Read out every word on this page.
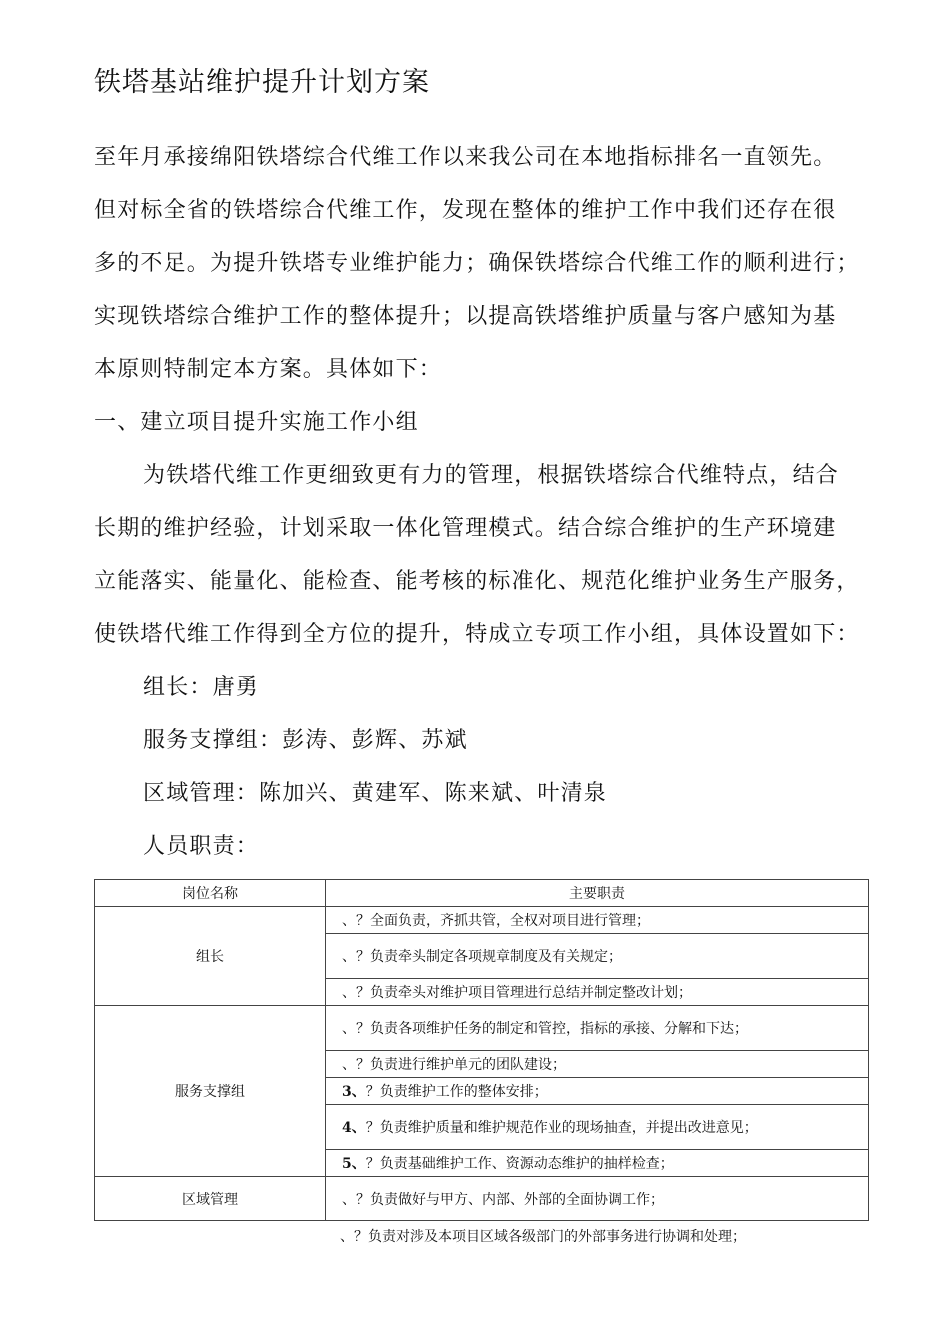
铁塔基站维护提升计划方案
至年月承接绵阳铁塔综合代维工作以来我公司在本地指标排名一直领先。
但对标全省的铁塔综合代维工作，发现在整体的维护工作中我们还存在很
多的不足。为提升铁塔专业维护能力；确保铁塔综合代维工作的顺利进行；
实现铁塔综合维护工作的整体提升；以提高铁塔维护质量与客户感知为基
本原则特制定本方案。具体如下：
一、建立项目提升实施工作小组
为铁塔代维工作更细致更有力的管理，根据铁塔综合代维特点，结合
长期的维护经验，计划采取一体化管理模式。结合综合维护的生产环境建
立能落实、能量化、能检查、能考核的标准化、规范化维护业务生产服务，
使铁塔代维工作得到全方位的提升，特成立专项工作小组，具体设置如下：
组长：唐勇
服务支撑组：彭涛、彭辉、苏斌
区域管理：陈加兴、黄建军、陈来斌、叶清泉
人员职责：
岗位名称	主要职责
组长	、？全面负责，齐抓共管，全权对项目进行管理；
	、？负责牵头制定各项规章制度及有关规定；
	、？负责牵头对维护项目管理进行总结并制定整改计划；
服务支撑组	、？负责各项维护任务的制定和管控，指标的承接、分解和下达；
	、？负责进行维护单元的团队建设；
	3、？负责维护工作的整体安排；
	4、？负责维护质量和维护规范作业的现场抽查，并提出改进意见；
	5、？负责基础维护工作、资源动态维护的抽样检查；
区域管理	、？负责做好与甲方、内部、外部的全面协调工作；
、？负责对涉及本项目区域各级部门的外部事务进行协调和处理；
